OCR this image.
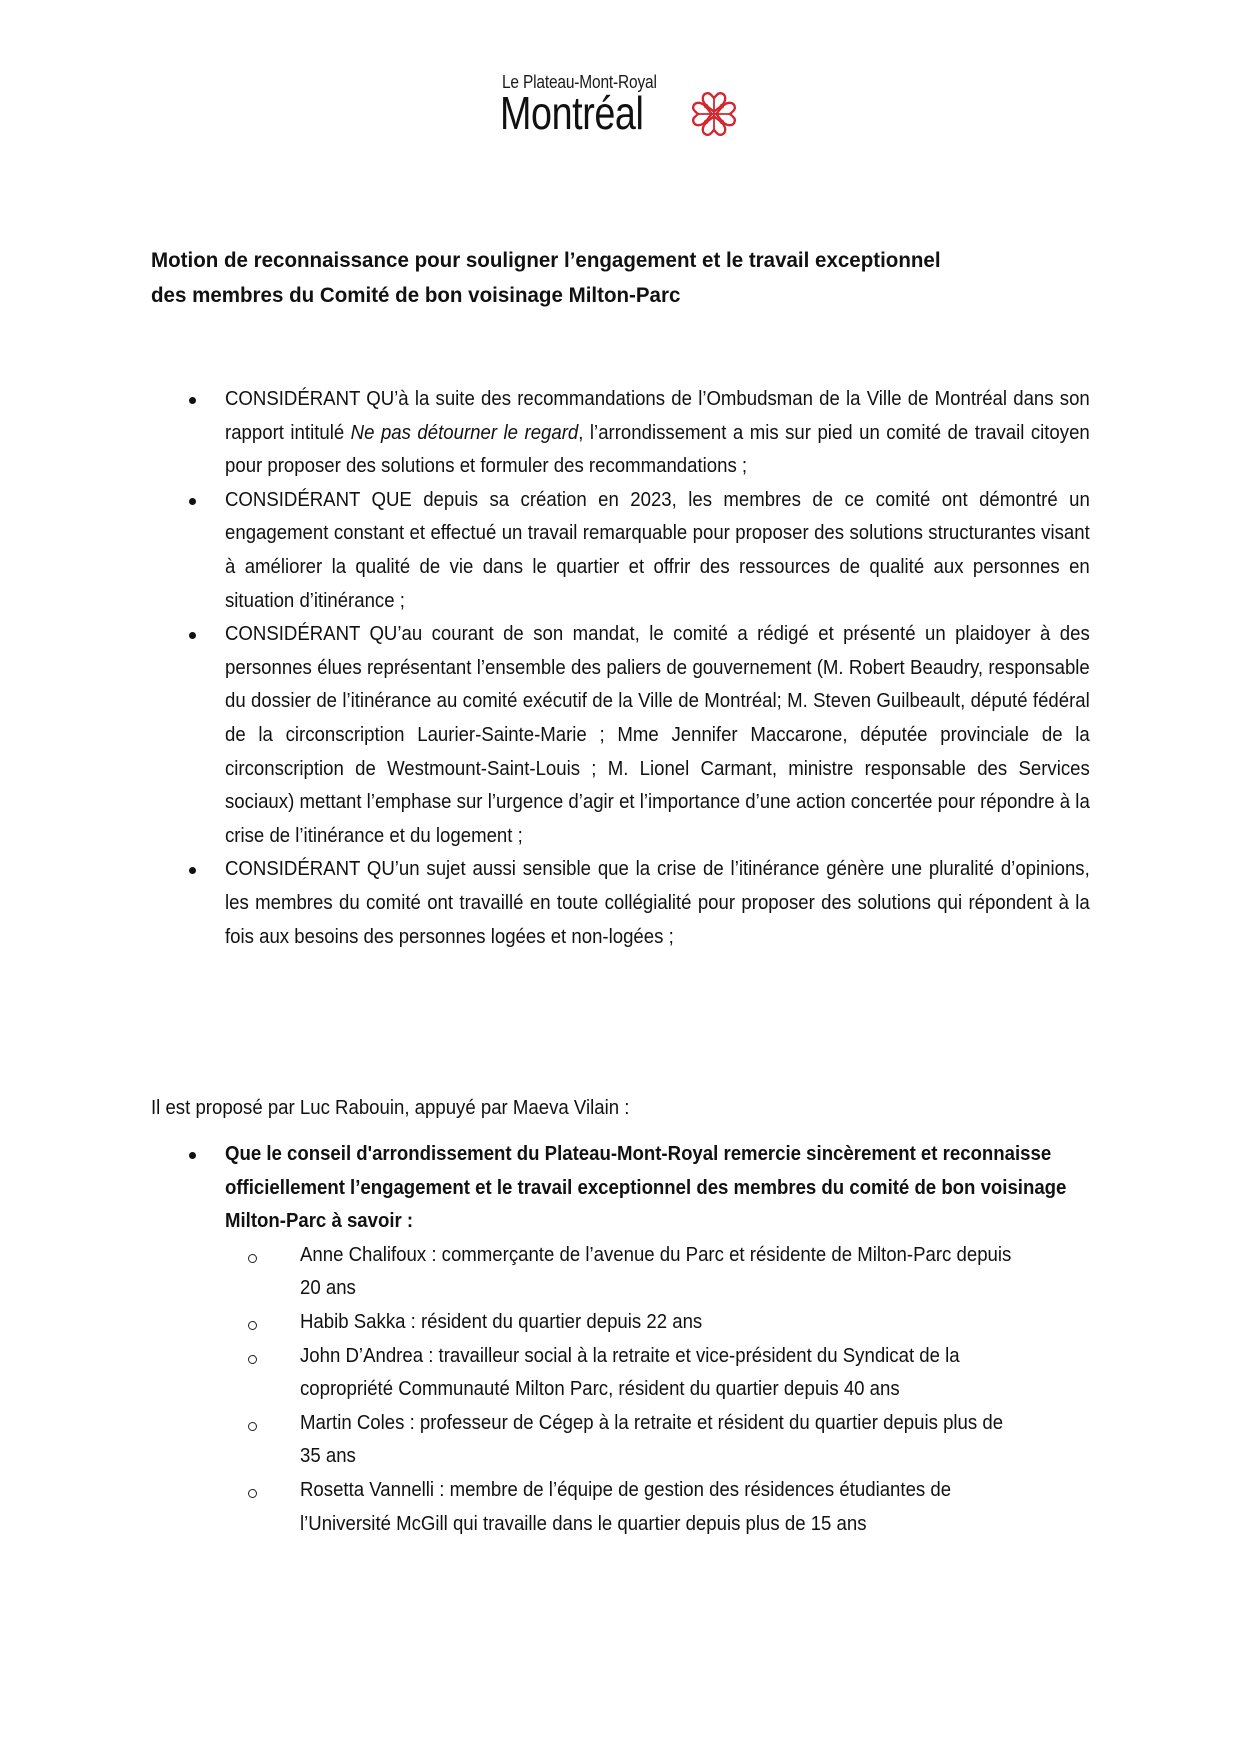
Le Plateau-Mont-Royal
Montréal
Motion de reconnaissance pour souligner l’engagement et le travail exceptionnel
des membres du Comité de bon voisinage Milton-Parc
CONSIDÉRANT QU’à la suite des recommandations de l’Ombudsman de la Ville de Montréal dans son rapport intitulé Ne pas détourner le regard, l’arrondissement a mis sur pied un comité de travail citoyen pour proposer des solutions et formuler des recommandations ;
CONSIDÉRANT QUE depuis sa création en 2023, les membres de ce comité ont démontré un engagement constant et effectué un travail remarquable pour proposer des solutions structurantes visant à améliorer la qualité de vie dans le quartier et offrir des ressources de qualité aux personnes en situation d’itinérance ;
CONSIDÉRANT QU’au courant de son mandat, le comité a rédigé et présenté un plaidoyer à des personnes élues représentant l’ensemble des paliers de gouvernement (M. Robert Beaudry, responsable du dossier de l’itinérance au comité exécutif de la Ville de Montréal; M. Steven Guilbeault, député fédéral de la circonscription Laurier-Sainte-Marie ; Mme Jennifer Maccarone, députée provinciale de la circonscription de Westmount-Saint-Louis ; M. Lionel Carmant, ministre responsable des Services sociaux) mettant l’emphase sur l’urgence d’agir et l’importance d’une action concertée pour répondre à la crise de l’itinérance et du logement ;
CONSIDÉRANT QU’un sujet aussi sensible que la crise de l’itinérance génère une pluralité d’opinions, les membres du comité ont travaillé en toute collégialité pour proposer des solutions qui répondent à la fois aux besoins des personnes logées et non-logées ;
Il est proposé par Luc Rabouin, appuyé par Maeva Vilain :
Que le conseil d'arrondissement du Plateau-Mont-Royal remercie sincèrement et reconnaisse officiellement l’engagement et le travail exceptionnel des membres du comité de bon voisinage Milton-Parc à savoir :
Anne Chalifoux : commerçante de l’avenue du Parc et résidente de Milton-Parc depuis 20 ans
Habib Sakka : résident du quartier depuis 22 ans
John D’Andrea : travailleur social à la retraite et vice-président du Syndicat de la copropriété Communauté Milton Parc, résident du quartier depuis 40 ans
Martin Coles : professeur de Cégep à la retraite et résident du quartier depuis plus de 35 ans
Rosetta Vannelli : membre de l’équipe de gestion des résidences étudiantes de l’Université McGill qui travaille dans le quartier depuis plus de 15 ans
